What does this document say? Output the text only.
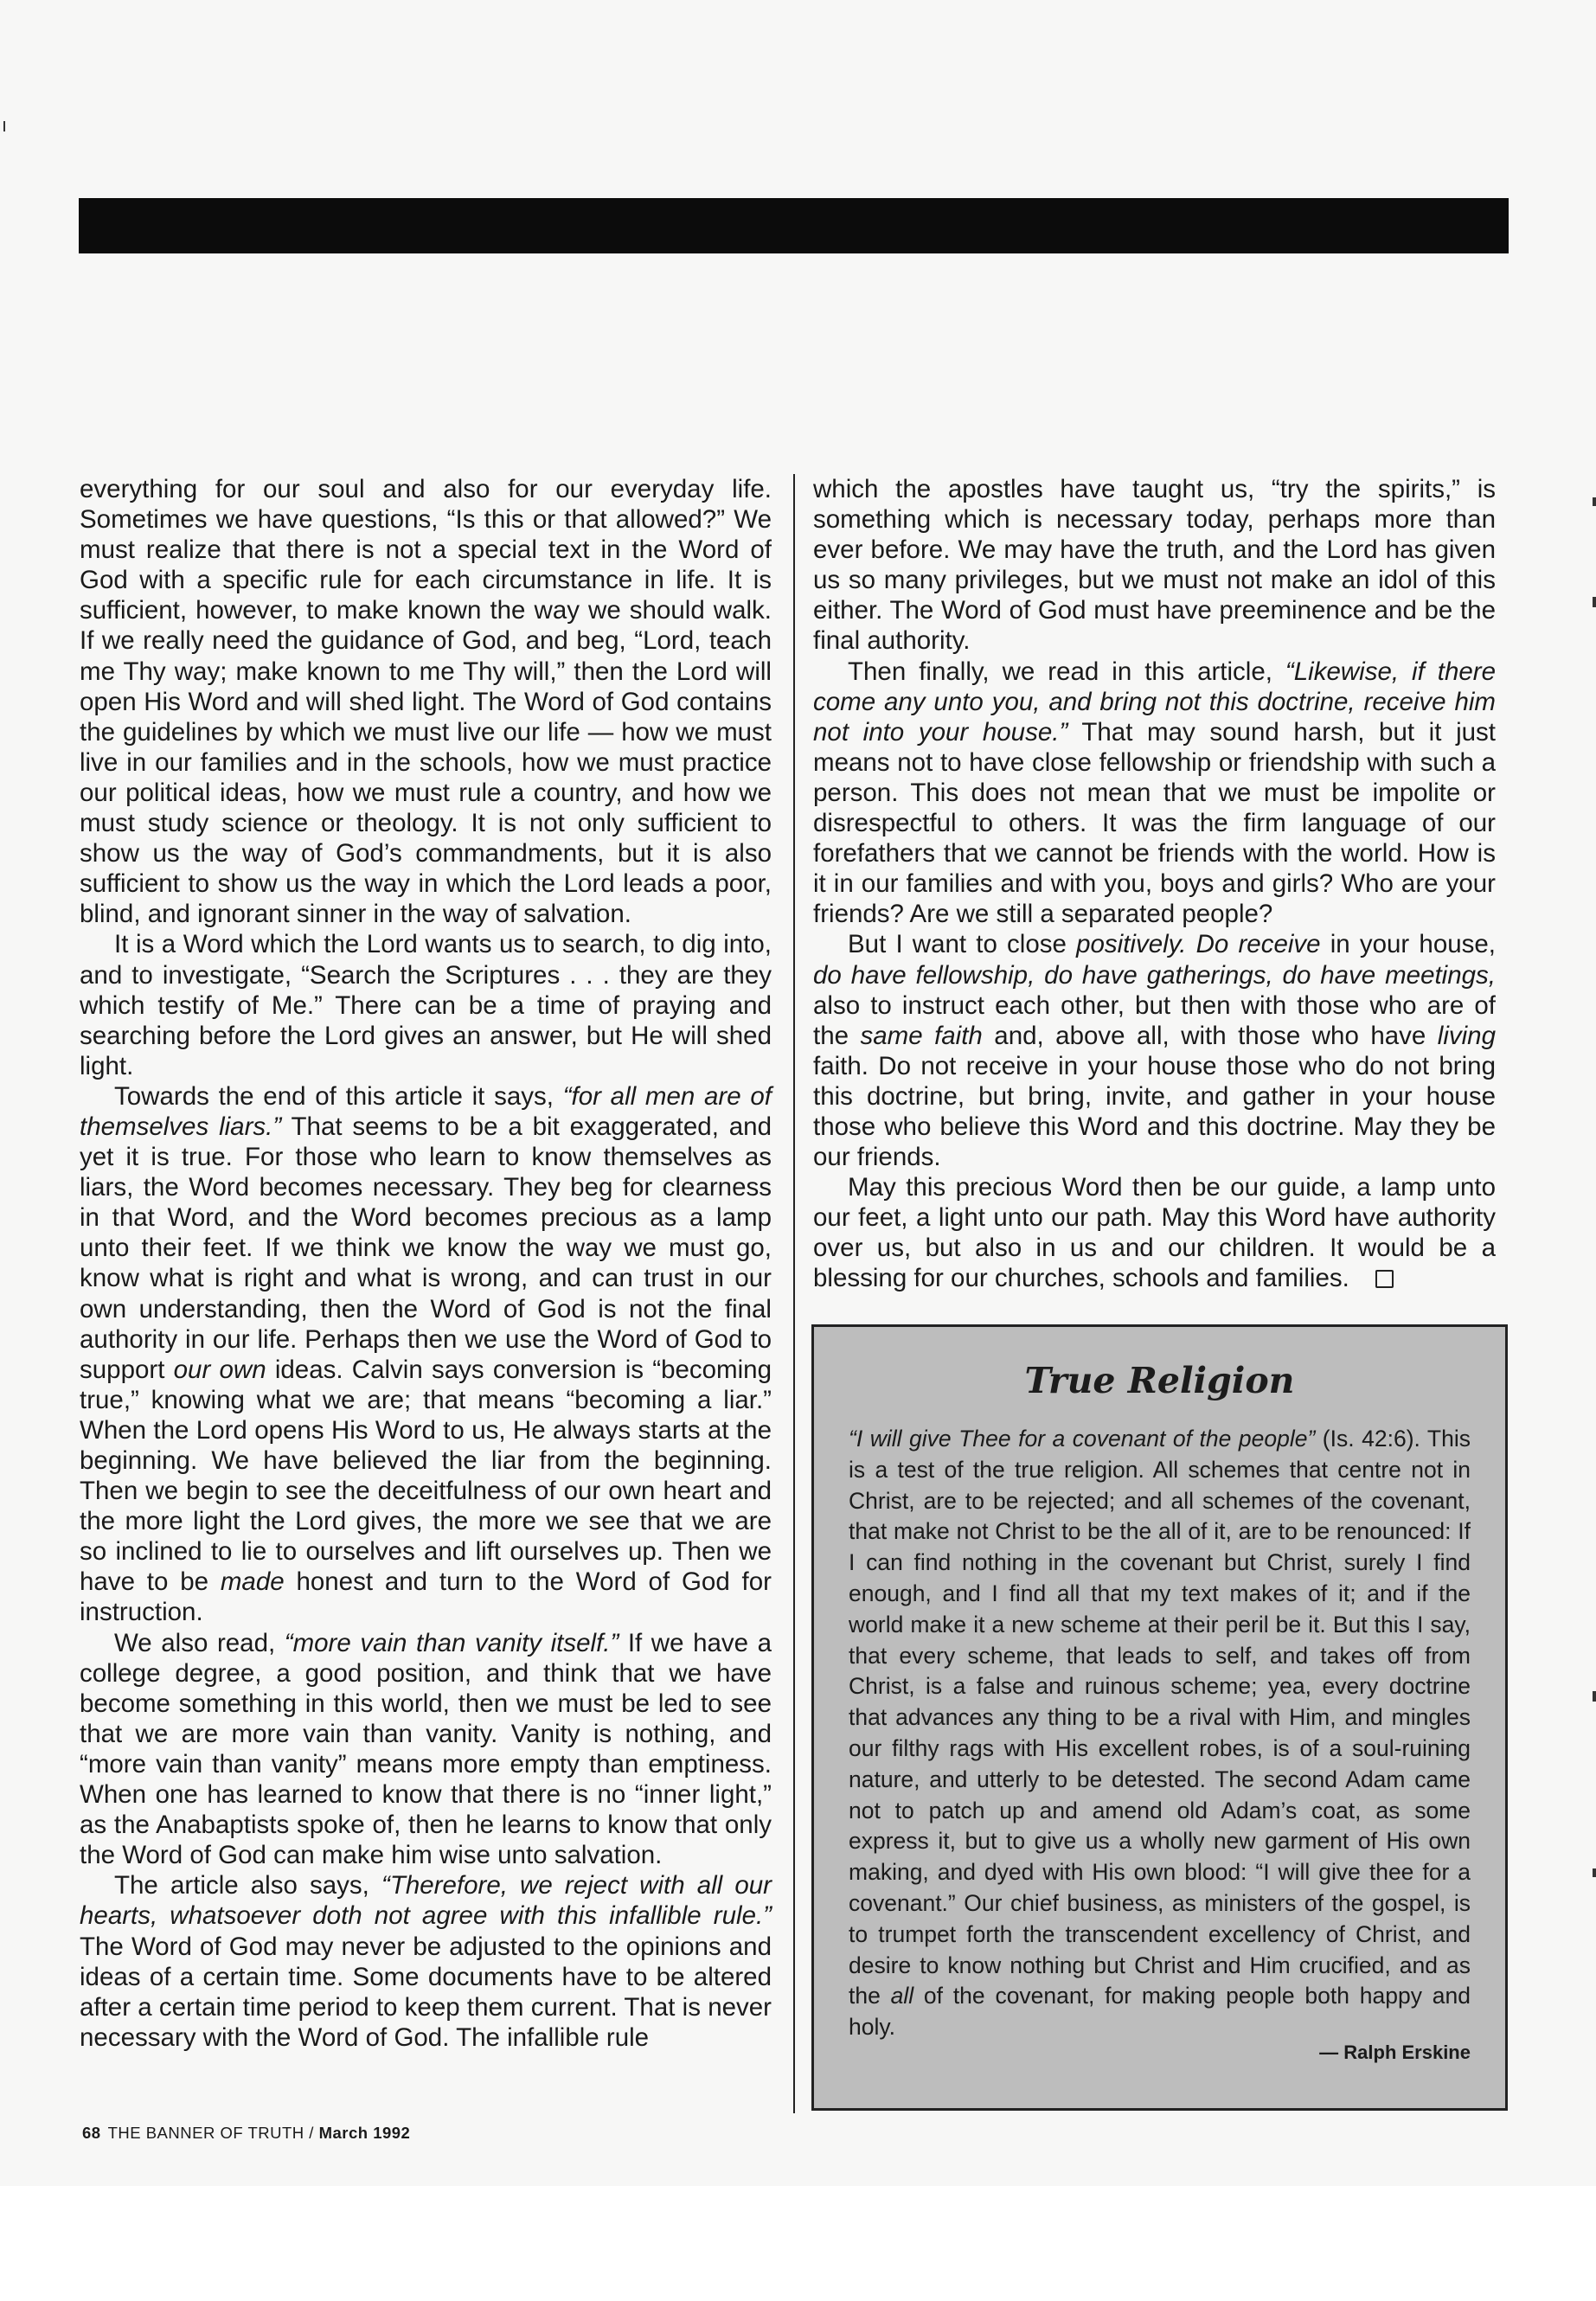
everything for our soul and also for our everyday life. Sometimes we have questions, “Is this or that allowed?” We must realize that there is not a special text in the Word of God with a specific rule for each circumstance in life. It is sufficient, however, to make known the way we should walk. If we really need the guidance of God, and beg, “Lord, teach me Thy way; make known to me Thy will,” then the Lord will open His Word and will shed light. The Word of God contains the guidelines by which we must live our life — how we must live in our families and in the schools, how we must practice our political ideas, how we must rule a country, and how we must study science or theology. It is not only sufficient to show us the way of God’s commandments, but it is also sufficient to show us the way in which the Lord leads a poor, blind, and ignorant sinner in the way of salvation.

It is a Word which the Lord wants us to search, to dig into, and to investigate, “Search the Scriptures . . . they are they which testify of Me.” There can be a time of praying and searching before the Lord gives an answer, but He will shed light.

Towards the end of this article it says, “for all men are of themselves liars.” That seems to be a bit exaggerated, and yet it is true. For those who learn to know themselves as liars, the Word becomes necessary. They beg for clearness in that Word, and the Word becomes precious as a lamp unto their feet. If we think we know the way we must go, know what is right and what is wrong, and can trust in our own understanding, then the Word of God is not the final authority in our life. Perhaps then we use the Word of God to support our own ideas. Calvin says conversion is “becoming true,” knowing what we are; that means “becoming a liar.” When the Lord opens His Word to us, He always starts at the beginning. We have believed the liar from the beginning. Then we begin to see the deceitfulness of our own heart and the more light the Lord gives, the more we see that we are so inclined to lie to ourselves and lift ourselves up. Then we have to be made honest and turn to the Word of God for instruction.

We also read, “more vain than vanity itself.” If we have a college degree, a good position, and think that we have become something in this world, then we must be led to see that we are more vain than vanity. Vanity is nothing, and “more vain than vanity” means more empty than emptiness. When one has learned to know that there is no “inner light,” as the Anabaptists spoke of, then he learns to know that only the Word of God can make him wise unto salvation.

The article also says, “Therefore, we reject with all our hearts, whatsoever doth not agree with this infallible rule.” The Word of God may never be adjusted to the opinions and ideas of a certain time. Some documents have to be altered after a certain time period to keep them current. That is never necessary with the Word of God. The infallible rule

which the apostles have taught us, “try the spirits,” is something which is necessary today, perhaps more than ever before. We may have the truth, and the Lord has given us so many privileges, but we must not make an idol of this either. The Word of God must have preeminence and be the final authority.

Then finally, we read in this article, “Likewise, if there come any unto you, and bring not this doctrine, receive him not into your house.” That may sound harsh, but it just means not to have close fellowship or friendship with such a person. This does not mean that we must be impolite or disrespectful to others. It was the firm language of our forefathers that we cannot be friends with the world. How is it in our families and with you, boys and girls? Who are your friends? Are we still a separated people?

But I want to close positively. Do receive in your house, do have fellowship, do have gatherings, do have meetings, also to instruct each other, but then with those who are of the same faith and, above all, with those who have living faith. Do not receive in your house those who do not bring this doctrine, but bring, invite, and gather in your house those who believe this Word and this doctrine. May they be our friends.

May this precious Word then be our guide, a lamp unto our feet, a light unto our path. May this Word have authority over us, but also in us and our children. It would be a blessing for our churches, schools and families.

True Religion

“I will give Thee for a covenant of the people” (Is. 42:6). This is a test of the true religion. All schemes that centre not in Christ, are to be rejected; and all schemes of the covenant, that make not Christ to be the all of it, are to be renounced: If I can find nothing in the covenant but Christ, surely I find enough, and I find all that my text makes of it; and if the world make it a new scheme at their peril be it. But this I say, that every scheme, that leads to self, and takes off from Christ, is a false and ruinous scheme; yea, every doctrine that advances any thing to be a rival with Him, and mingles our filthy rags with His excellent robes, is of a soul-ruining nature, and utterly to be detested. The second Adam came not to patch up and amend old Adam’s coat, as some express it, but to give us a wholly new garment of His own making, and dyed with His own blood: “I will give thee for a covenant.” Our chief business, as ministers of the gospel, is to trumpet forth the transcendent excellency of Christ, and desire to know nothing but Christ and Him crucified, and as the all of the covenant, for making people both happy and holy.

— Ralph Erskine
68 THE BANNER OF TRUTH / March 1992
